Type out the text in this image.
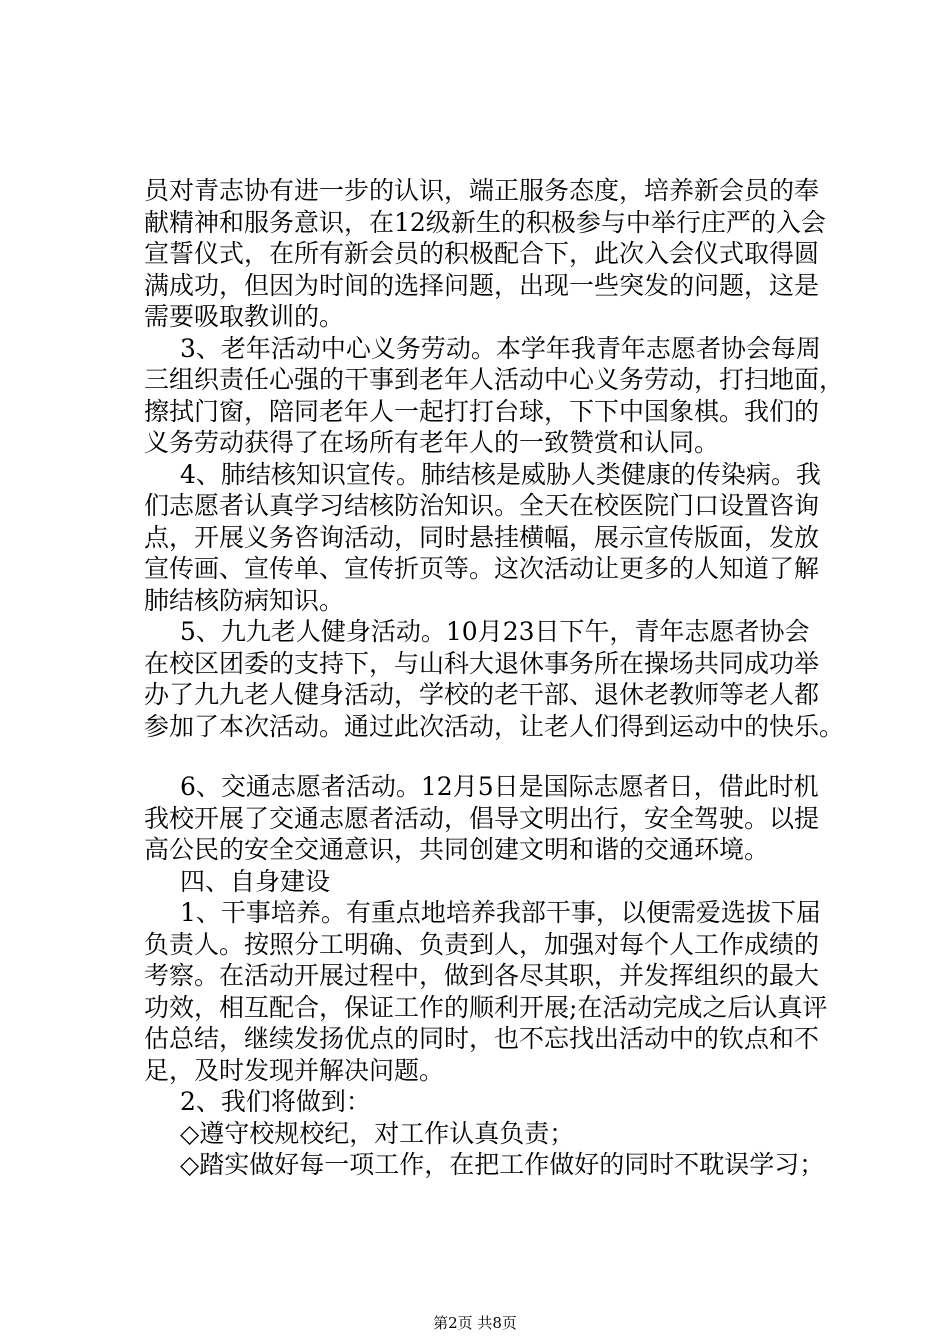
员对青志协有进一步的认识，端正服务态度，培养新会员的奉
献精神和服务意识，在12级新生的积极参与中举行庄严的入会
宣誓仪式，在所有新会员的积极配合下，此次入会仪式取得圆
满成功，但因为时间的选择问题，出现一些突发的问题，这是
需要吸取教训的。
3、老年活动中心义务劳动。本学年我青年志愿者协会每周
三组织责任心强的干事到老年人活动中心义务劳动，打扫地面，
擦拭门窗，陪同老年人一起打打台球，下下中国象棋。我们的
义务劳动获得了在场所有老年人的一致赞赏和认同。
4、肺结核知识宣传。肺结核是威胁人类健康的传染病。我
们志愿者认真学习结核防治知识。全天在校医院门口设置咨询
点，开展义务咨询活动，同时悬挂横幅，展示宣传版面，发放
宣传画、宣传单、宣传折页等。这次活动让更多的人知道了解
肺结核防病知识。
5、九九老人健身活动。10月23日下午，青年志愿者协会
在校区团委的支持下，与山科大退休事务所在操场共同成功举
办了九九老人健身活动，学校的老干部、退休老教师等老人都
参加了本次活动。通过此次活动，让老人们得到运动中的快乐。
6、交通志愿者活动。12月5日是国际志愿者日，借此时机
我校开展了交通志愿者活动，倡导文明出行，安全驾驶。以提
高公民的安全交通意识，共同创建文明和谐的交通环境。
四、自身建设
1、干事培养。有重点地培养我部干事，以便需爱选拔下届
负责人。按照分工明确、负责到人，加强对每个人工作成绩的
考察。在活动开展过程中，做到各尽其职，并发挥组织的最大
功效，相互配合，保证工作的顺利开展;在活动完成之后认真评
估总结，继续发扬优点的同时，也不忘找出活动中的钦点和不
足，及时发现并解决问题。
2、我们将做到：
◇遵守校规校纪，对工作认真负责；
◇踏实做好每一项工作，在把工作做好的同时不耽误学习；
第2页 共8页
